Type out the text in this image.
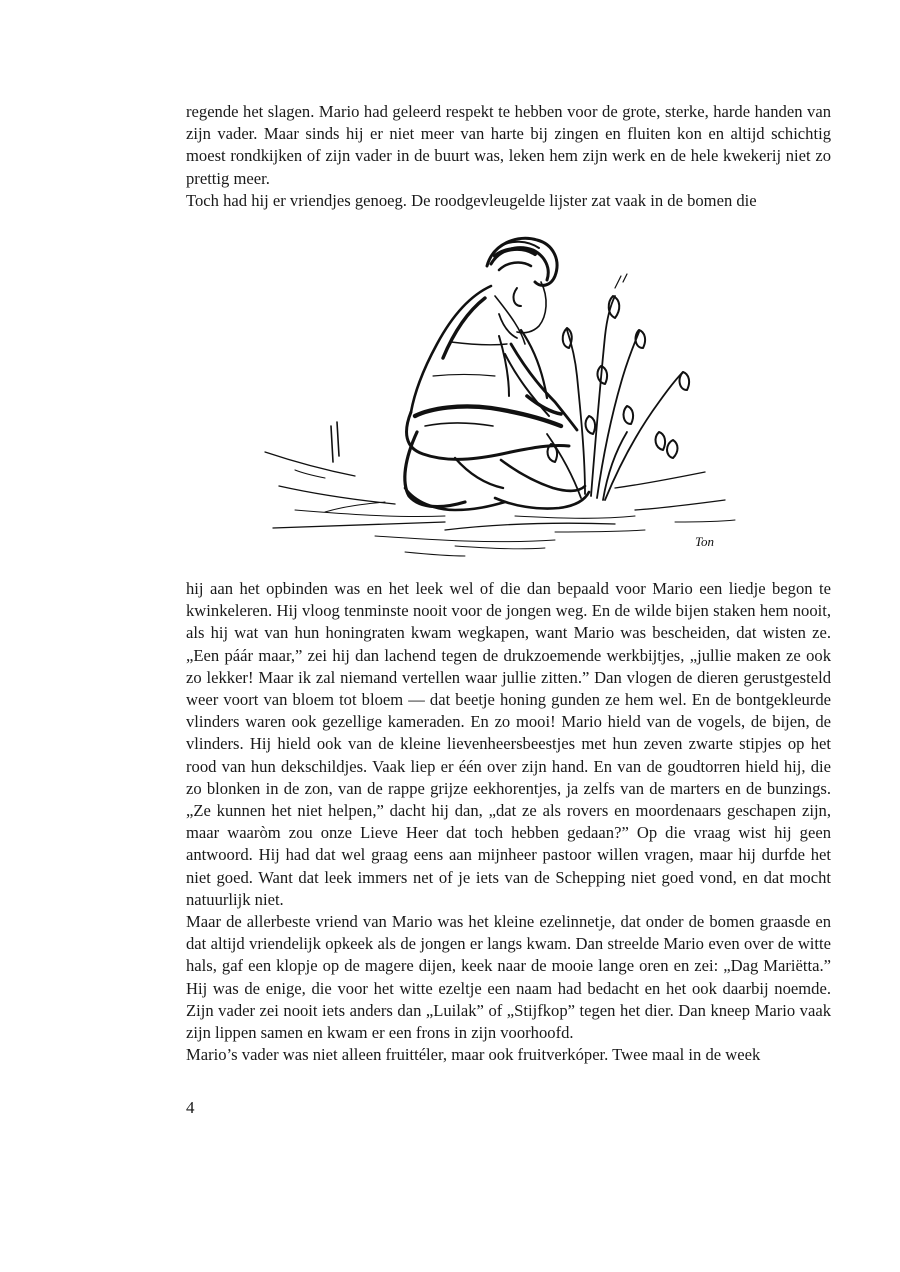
regende het slagen. Mario had geleerd respekt te hebben voor de grote, sterke, harde handen van zijn vader. Maar sinds hij er niet meer van harte bij zingen en fluiten kon en altijd schichtig moest rondkijken of zijn vader in de buurt was, leken hem zijn werk en de hele kwekerij niet zo prettig meer.

Toch had hij er vriendjes genoeg. De roodgevleugelde lijster zat vaak in de bomen die

Ton

hij aan het opbinden was en het leek wel of die dan bepaald voor Mario een liedje begon te kwinkeleren. Hij vloog tenminste nooit voor de jongen weg. En de wilde bijen staken hem nooit, als hij wat van hun honingraten kwam wegkapen, want Mario was bescheiden, dat wisten ze. „Een páár maar,” zei hij dan lachend tegen de drukzoemende werkbijtjes, „jullie maken ze ook zo lekker! Maar ik zal niemand vertellen waar jullie zitten.” Dan vlogen de dieren gerustgesteld weer voort van bloem tot bloem — dat beetje honing gunden ze hem wel. En de bontgekleurde vlinders waren ook gezellige kameraden. En zo mooi! Mario hield van de vogels, de bijen, de vlinders. Hij hield ook van de kleine lievenheersbeestjes met hun zeven zwarte stipjes op het rood van hun dekschildjes. Vaak liep er één over zijn hand. En van de goudtorren hield hij, die zo blonken in de zon, van de rappe grijze eekhorentjes, ja zelfs van de marters en de bunzings. „Ze kunnen het niet helpen,” dacht hij dan, „dat ze als rovers en moordenaars geschapen zijn, maar waaròm zou onze Lieve Heer dat toch hebben gedaan?” Op die vraag wist hij geen antwoord. Hij had dat wel graag eens aan mijnheer pastoor willen vragen, maar hij durfde het niet goed. Want dat leek immers net of je iets van de Schepping niet goed vond, en dat mocht natuurlijk niet.

Maar de allerbeste vriend van Mario was het kleine ezelinnetje, dat onder de bomen graasde en dat altijd vriendelijk opkeek als de jongen er langs kwam. Dan streelde Mario even over de witte hals, gaf een klopje op de magere dijen, keek naar de mooie lange oren en zei: „Dag Mariëtta.” Hij was de enige, die voor het witte ezeltje een naam had bedacht en het ook daarbij noemde. Zijn vader zei nooit iets anders dan „Luilak” of „Stijfkop” tegen het dier. Dan kneep Mario vaak zijn lippen samen en kwam er een frons in zijn voorhoofd.

Mario’s vader was niet alleen fruittéler, maar ook fruitverkóper. Twee maal in de week

4
